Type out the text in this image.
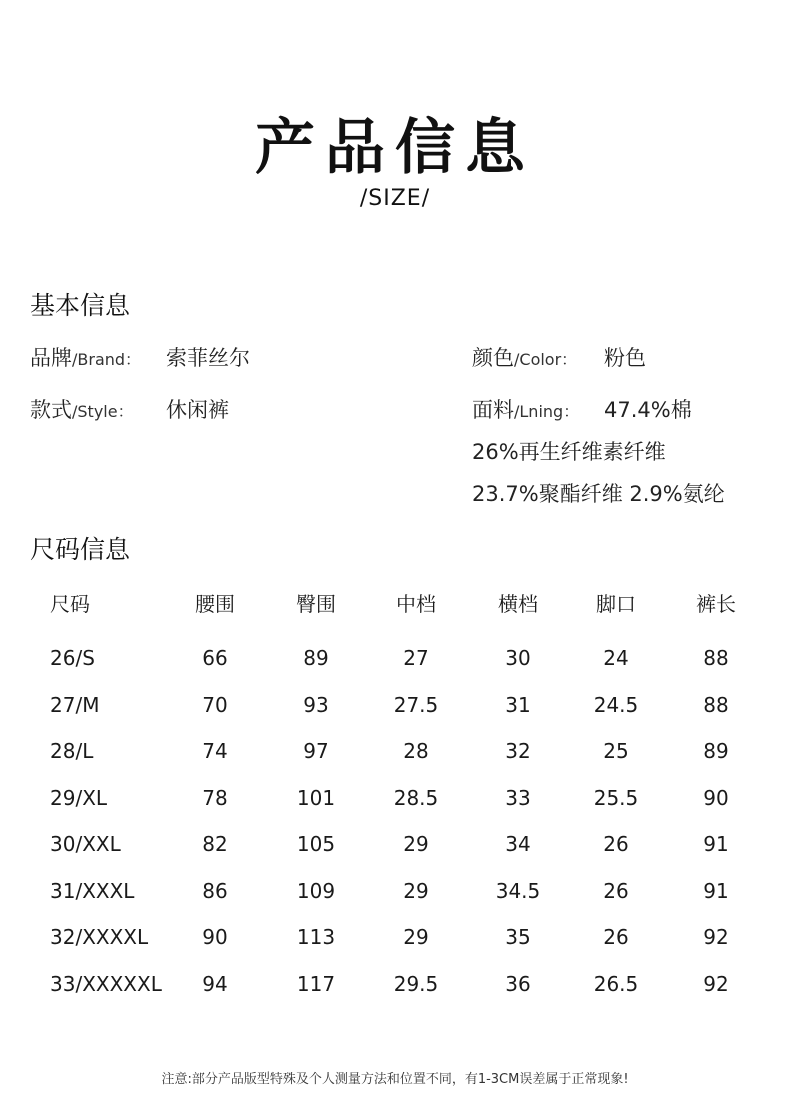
产品信息
/SIZE/
基本信息
品牌/Brand： 索菲丝尔	颜色/Color： 粉色
款式/Style： 休闲裤	面料/Lning： 47.4%棉
26%再生纤维素纤维
23.7%聚酯纤维 2.9%氨纶
尺码信息
尺码	腰围	臀围	中档	横档	脚口	裤长
26/S	66	89	27	30	24	88
27/M	70	93	27.5	31	24.5	88
28/L	74	97	28	32	25	89
29/XL	78	101	28.5	33	25.5	90
30/XXL	82	105	29	34	26	91
31/XXXL	86	109	29	34.5	26	91
32/XXXXL	90	113	29	35	26	92
33/XXXXXL	94	117	29.5	36	26.5	92
注意:部分产品版型特殊及个人测量方法和位置不同，有1-3CM误差属于正常现象!
